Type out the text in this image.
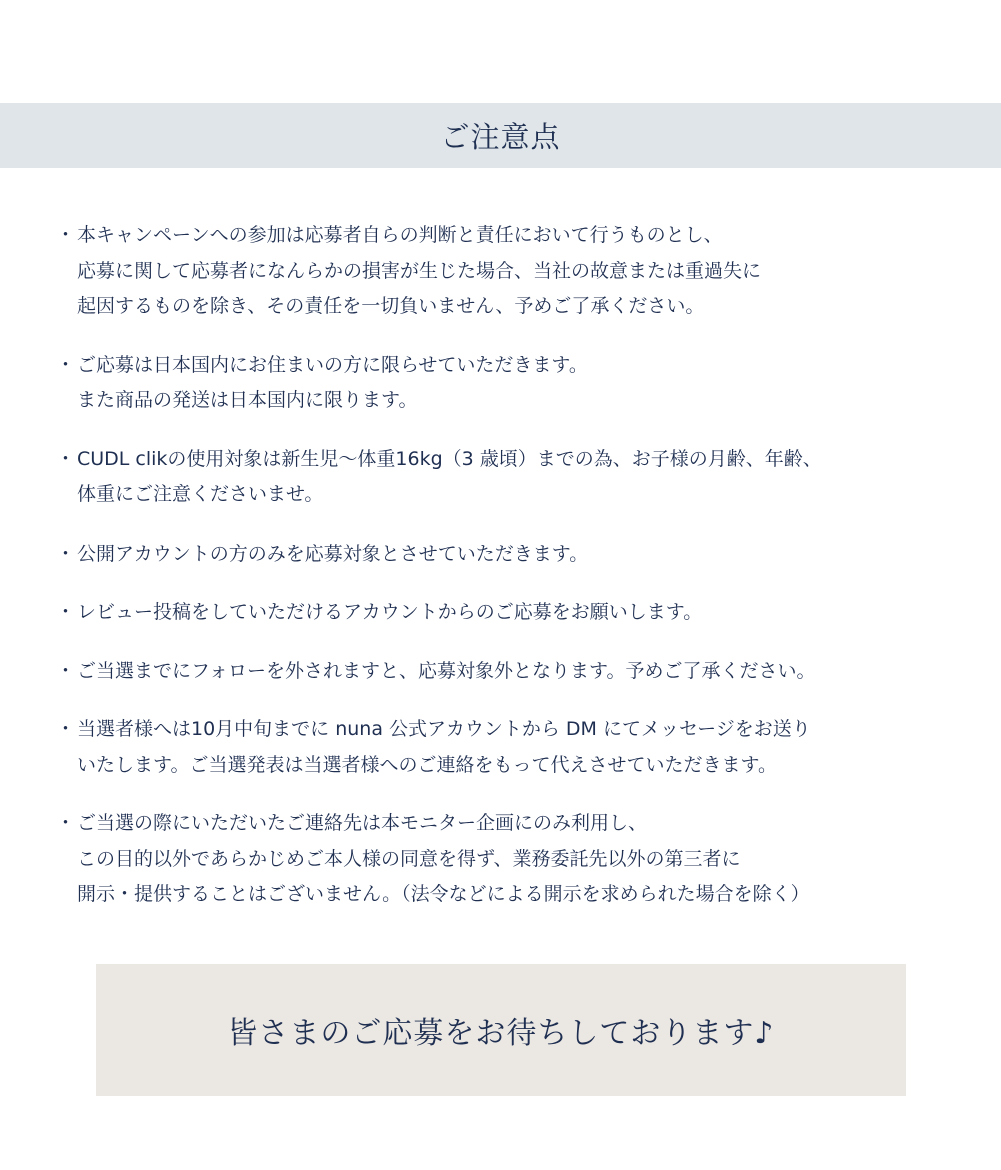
ご注意点
・ 本キャンペーンへの参加は応募者自らの判断と責任において行うものとし、
応募に関して応募者になんらかの損害が生じた場合、当社の故意または重過失に
起因するものを除き、その責任を一切負いません、予めご了承ください。
・ ご応募は日本国内にお住まいの方に限らせていただきます。
また商品の発送は日本国内に限ります。
・ CUDL clikの使用対象は新生児〜体重16kg（3 歳頃）までの為、お子様の月齢、年齢、
体重にご注意くださいませ。
・ 公開アカウントの方のみを応募対象とさせていただきます。
・ レビュー投稿をしていただけるアカウントからのご応募をお願いします。
・ ご当選までにフォローを外されますと、応募対象外となります。予めご了承ください。
・ 当選者様へは10月中旬までに nuna 公式アカウントから DM にてメッセージをお送り
いたします。ご当選発表は当選者様へのご連絡をもって代えさせていただきます。
・ ご当選の際にいただいたご連絡先は本モニター企画にのみ利用し、
この目的以外であらかじめご本人様の同意を得ず、業務委託先以外の第三者に
開示・提供することはございません。（法令などによる開示を求められた場合を除く）

皆さまのご応募をお待ちしております♪
